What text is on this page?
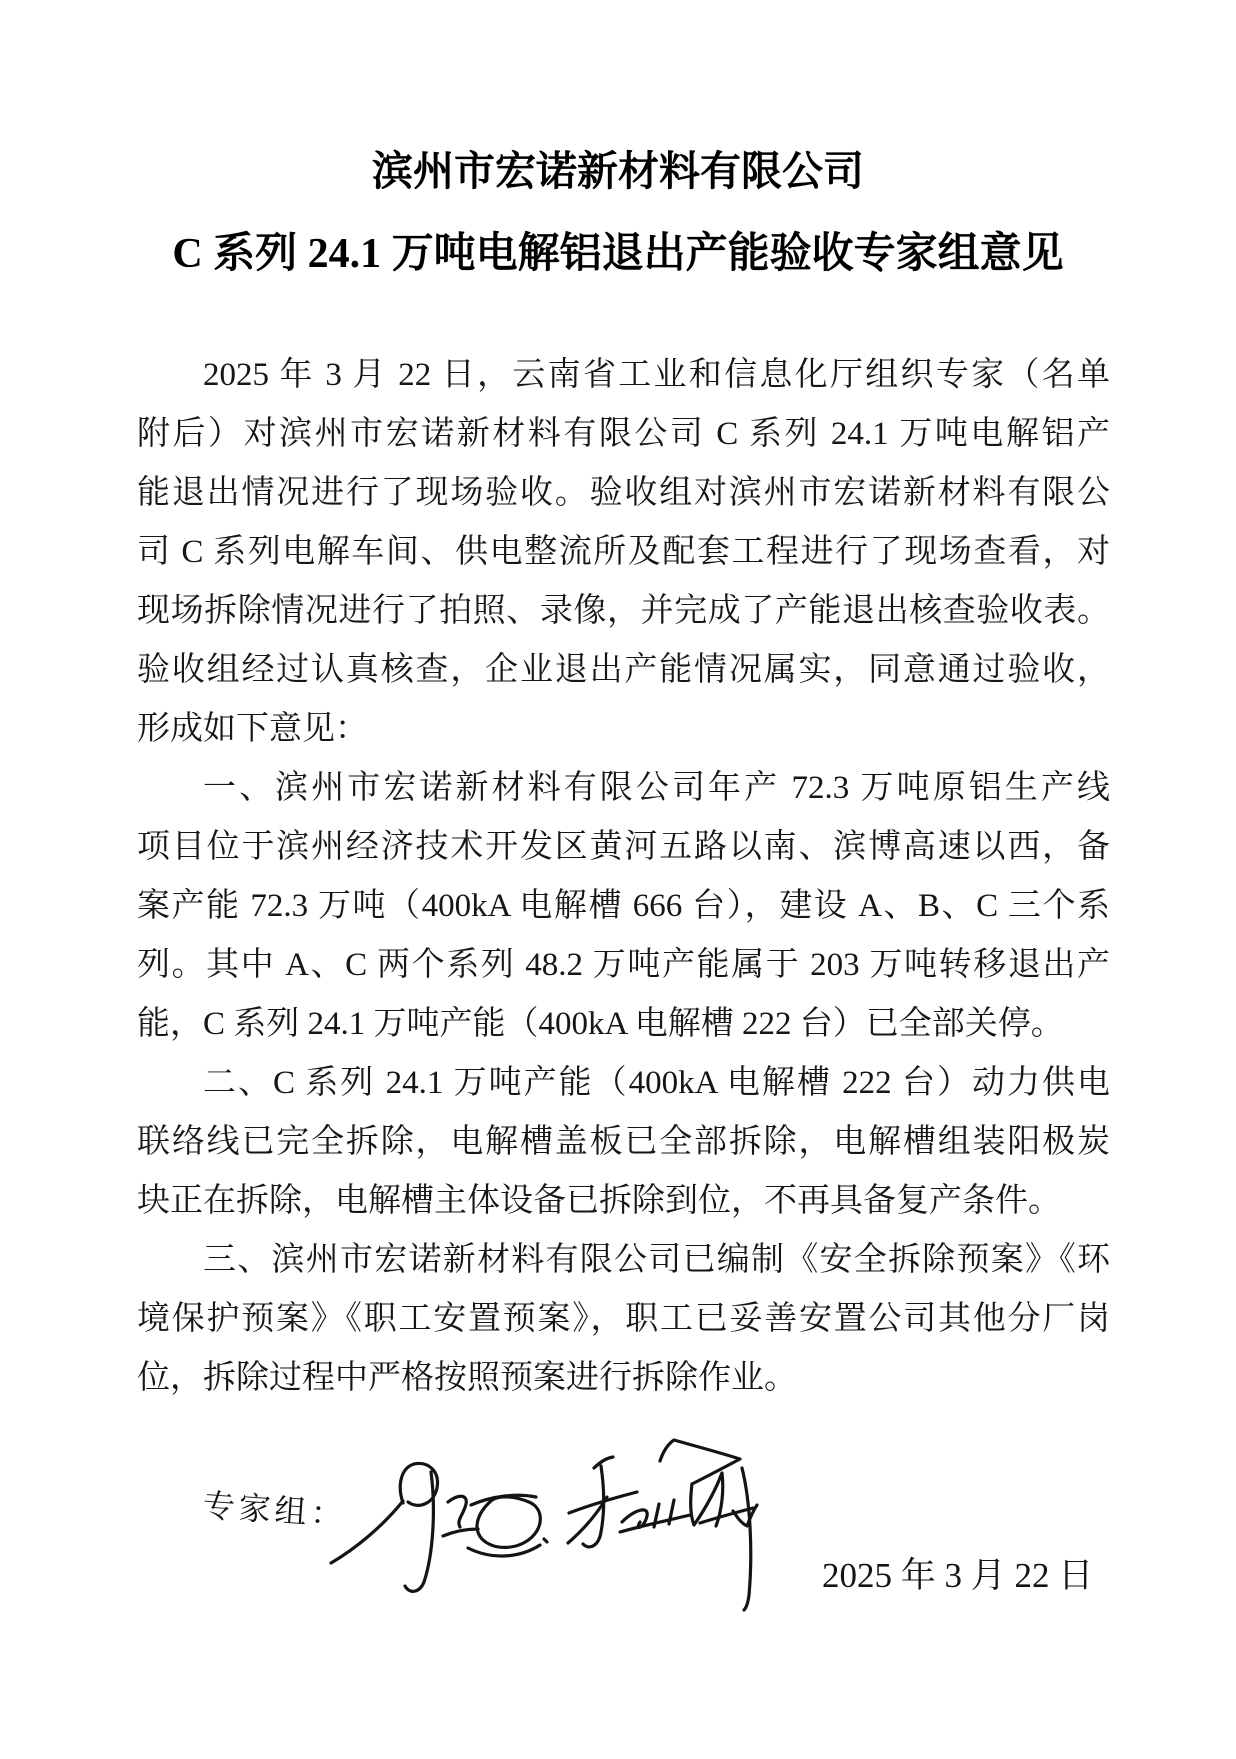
滨州市宏诺新材料有限公司
C 系列 24.1 万吨电解铝退出产能验收专家组意见
2025 年 3 月 22 日，云南省工业和信息化厅组织专家（名单
附后）对滨州市宏诺新材料有限公司 C 系列 24.1 万吨电解铝产
能退出情况进行了现场验收。验收组对滨州市宏诺新材料有限公
司 C 系列电解车间、供电整流所及配套工程进行了现场查看，对
现场拆除情况进行了拍照、录像，并完成了产能退出核查验收表。
验收组经过认真核查，企业退出产能情况属实，同意通过验收，
形成如下意见：
一、滨州市宏诺新材料有限公司年产 72.3 万吨原铝生产线
项目位于滨州经济技术开发区黄河五路以南、滨博高速以西，备
案产能 72.3 万吨（400kA 电解槽 666 台），建设 A、B、C 三个系
列。其中 A、C 两个系列 48.2 万吨产能属于 203 万吨转移退出产
能，C 系列 24.1 万吨产能（400kA 电解槽 222 台）已全部关停。
二、C 系列 24.1 万吨产能（400kA 电解槽 222 台）动力供电
联络线已完全拆除，电解槽盖板已全部拆除，电解槽组装阳极炭
块正在拆除，电解槽主体设备已拆除到位，不再具备复产条件。
三、滨州市宏诺新材料有限公司已编制《安全拆除预案》《环
境保护预案》《职工安置预案》，职工已妥善安置公司其他分厂岗
位，拆除过程中严格按照预案进行拆除作业。
专家组：
2025 年 3 月 22 日
